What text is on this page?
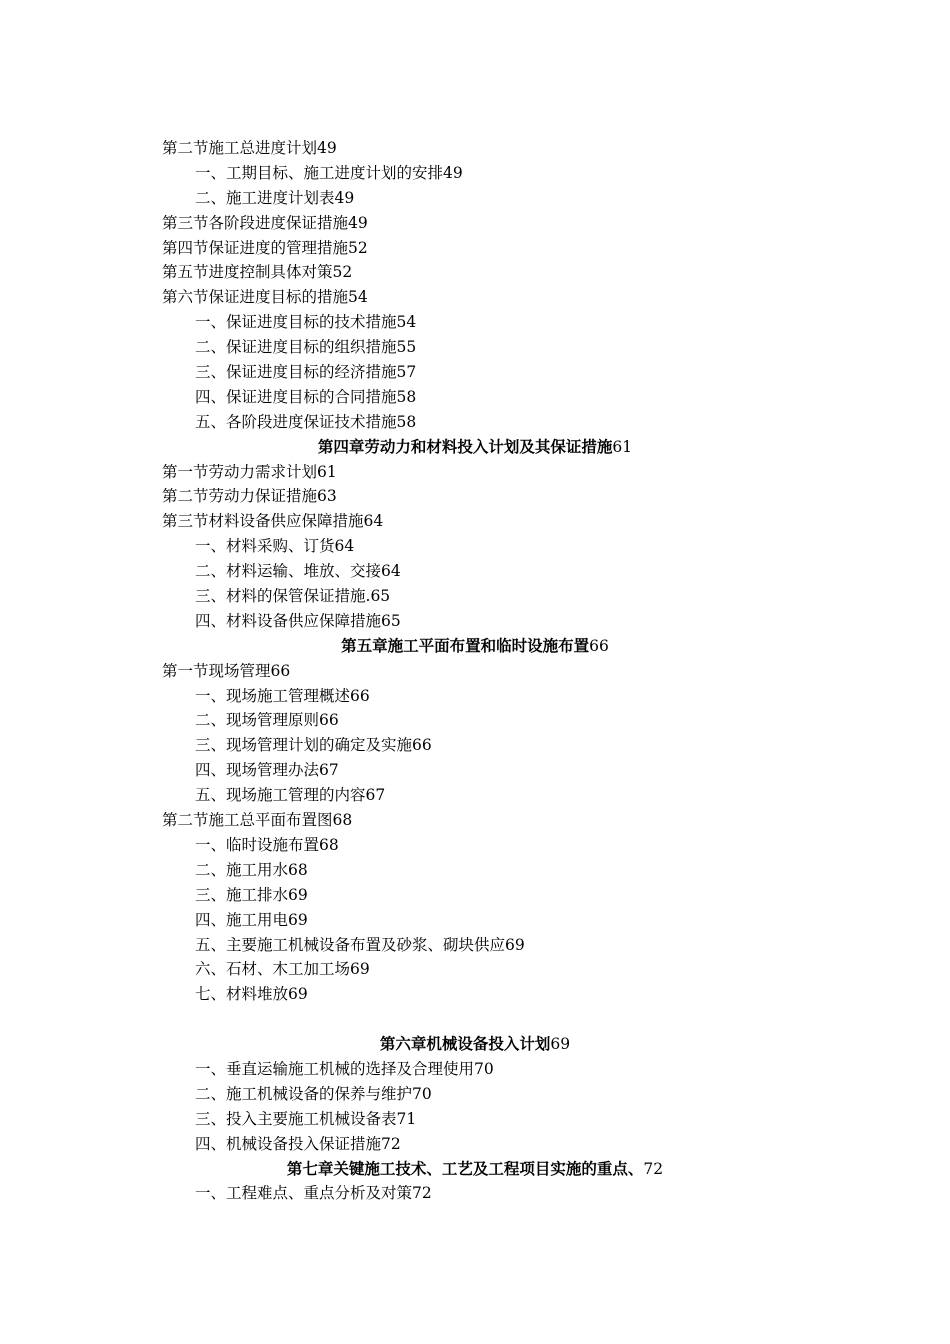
第二节施工总进度计划49
一、工期目标、施工进度计划的安排49
二、施工进度计划表49
第三节各阶段进度保证措施49
第四节保证进度的管理措施52
第五节进度控制具体对策52
第六节保证进度目标的措施54
一、保证进度目标的技术措施54
二、保证进度目标的组织措施55
三、保证进度目标的经济措施57
四、保证进度目标的合同措施58
五、各阶段进度保证技术措施58
第四章劳动力和材料投入计划及其保证措施61
第一节劳动力需求计划61
第二节劳动力保证措施63
第三节材料设备供应保障措施64
一、材料采购、订货64
二、材料运输、堆放、交接64
三、材料的保管保证措施.65
四、材料设备供应保障措施65
第五章施工平面布置和临时设施布置66
第一节现场管理66
一、现场施工管理概述66
二、现场管理原则66
三、现场管理计划的确定及实施66
四、现场管理办法67
五、现场施工管理的内容67
第二节施工总平面布置图68
一、临时设施布置68
二、施工用水68
三、施工排水69
四、施工用电69
五、主要施工机械设备布置及砂浆、砌块供应69
六、石材、木工加工场69
七、材料堆放69
第六章机械设备投入计划69
一、垂直运输施工机械的选择及合理使用70
二、施工机械设备的保养与维护70
三、投入主要施工机械设备表71
四、机械设备投入保证措施72
第七章关键施工技术、工艺及工程项目实施的重点、72
一、工程难点、重点分析及对策72
